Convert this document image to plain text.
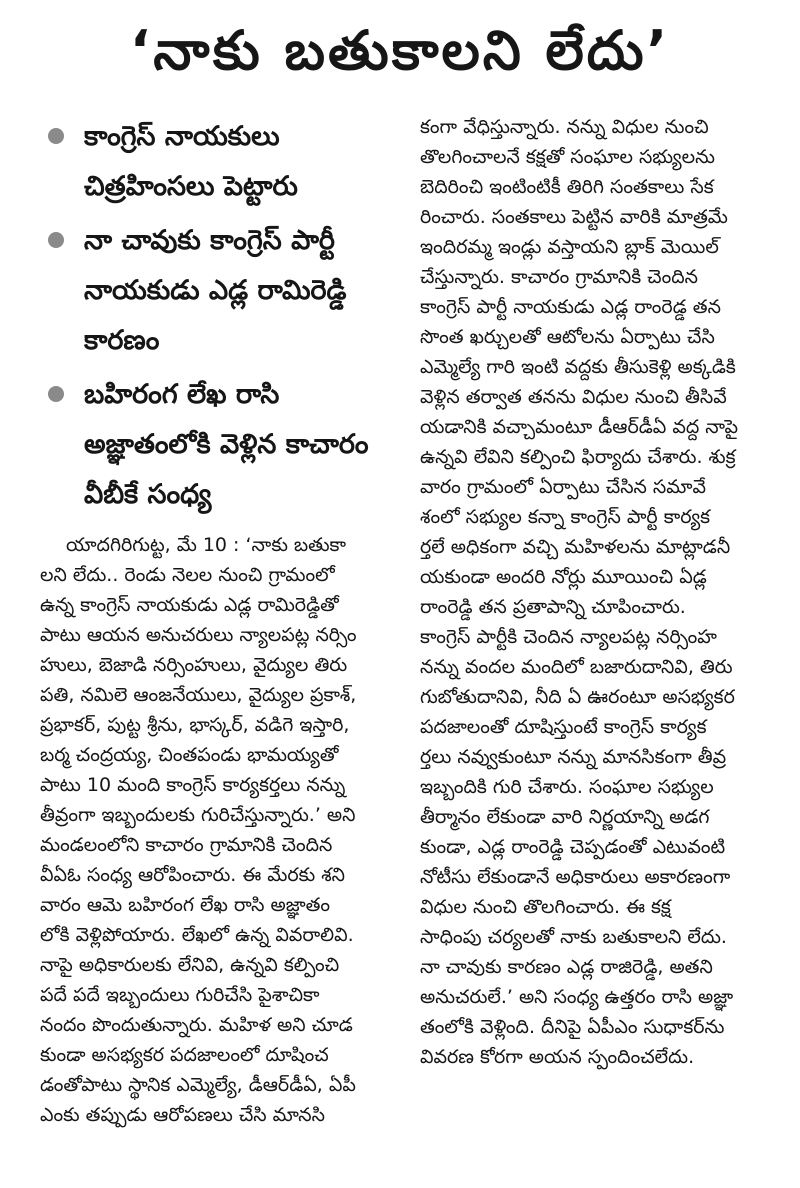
‘నాకు బతుకాలని లేదు’
కాంగ్రెస్ నాయకులు చిత్రహింసలు పెట్టారు
నా చావుకు కాంగ్రెస్ పార్టీ నాయకుడు ఎడ్ల రామిరెడ్డి కారణం
బహిరంగ లేఖ రాసి అజ్ఞాతంలోకి వెళ్లిన కాచారం వీబీకే సంధ్య
యాదగిరిగుట్ట, మే 10 : ‘నాకు బతుకా
లని లేదు.. రెండు నెలల నుంచి గ్రామంలో
ఉన్న కాంగ్రెస్ నాయకుడు ఎడ్ల రామిరెడ్డితో
పాటు ఆయన అనుచరులు న్యాలపట్ల నర్సిం
హులు, బెజాడి నర్సింహులు, వైద్యుల తిరు
పతి, నమిలె ఆంజనేయులు, వైద్యుల ప్రకాశ్,
ప్రభాకర్, పుట్ట శ్రీను, భాస్కర్, వడిగె ఇస్తారి,
బర్మ చంద్రయ్య, చింతపండు భామయ్యతో
పాటు 10 మంది కాంగ్రెస్ కార్యకర్తలు నన్ను
తీవ్రంగా ఇబ్బందులకు గురిచేస్తున్నారు.’ అని
మండలంలోని కాచారం గ్రామానికి చెందిన
వీఏఓ సంధ్య ఆరోపించారు. ఈ మేరకు శని
వారం ఆమె బహిరంగ లేఖ రాసి అజ్ఞాతం
లోకి వెళ్లిపోయారు. లేఖలో ఉన్న వివరాలివి.
నాపై అధికారులకు లేనివి, ఉన్నవి కల్పించి
పదే పదే ఇబ్బందులు గురిచేసి పైశాచికా
నందం పొందుతున్నారు. మహిళ అని చూడ
కుండా అసభ్యకర పదజాలంలో దూషించ
డంతోపాటు స్థానిక ఎమ్మెల్యే, డీఆర్‌డీఏ, ఏపీ
ఎంకు తప్పుడు ఆరోపణలు చేసి మానసి
కంగా వేధిస్తున్నారు. నన్ను విధుల నుంచి
తొలగించాలనే కక్షతో సంఘాల సభ్యులను
బెదిరించి ఇంటింటికీ తిరిగి సంతకాలు సేక
రించారు. సంతకాలు పెట్టిన వారికి మాత్రమే
ఇందిరమ్మ ఇండ్లు వస్తాయని బ్లాక్ మెయిల్
చేస్తున్నారు. కాచారం గ్రామానికి చెందిన
కాంగ్రెస్ పార్టీ నాయకుడు ఎడ్ల రాంరెడ్డ తన
సొంత ఖర్చులతో ఆటోలను ఏర్పాటు చేసి
ఎమ్మెల్యే గారి ఇంటి వద్దకు తీసుకెళ్లి అక్కడికి
వెళ్లిన తర్వాత తనను విధుల నుంచి తీసివే
యడానికి వచ్చామంటూ డీఆర్‌డీఏ వద్ద నాపై
ఉన్నవి లేవిని కల్పించి ఫిర్యాదు చేశారు. శుక్ర
వారం గ్రామంలో ఏర్పాటు చేసిన సమావే
శంలో సభ్యుల కన్నా కాంగ్రెస్ పార్టీ కార్యక
ర్తలే అధికంగా వచ్చి మహిళలను మాట్లాడనీ
యకుండా అందరి నోర్లు మూయించి ఏడ్ల
రాంరెడ్డి తన ప్రతాపాన్ని చూపించారు.
కాంగ్రెస్ పార్టీకి చెందిన న్యాలపట్ల నర్సింహ
నన్ను వందల మందిలో బజారుదానివి, తిరు
గుబోతుదానివి, నీది ఏ ఊరంటూ అసభ్యకర
పదజాలంతో దూషిస్తుంటే కాంగ్రెస్ కార్యక
ర్తలు నవ్వుకుంటూ నన్ను మానసికంగా తీవ్ర
ఇబ్బందికి గురి చేశారు. సంఘాల సభ్యుల
తీర్మానం లేకుండా వారి నిర్ణయాన్ని అడగ
కుండా, ఎడ్ల రాంరెడ్డి చెప్పడంతో ఎటువంటి
నోటీసు లేకుండానే అధికారులు అకారణంగా
విధుల నుంచి తొలగించారు. ఈ కక్ష
సాధింపు చర్యలతో నాకు బతుకాలని లేదు.
నా చావుకు కారణం ఎడ్ల రాజిరెడ్డి, అతని
అనుచరులే.’ అని సంధ్య ఉత్తరం రాసి అజ్ఞా
తంలోకి వెళ్లింది. దీనిపై ఏపీఎం సుధాకర్‌ను
వివరణ కోరగా అయన స్పందించలేదు.
